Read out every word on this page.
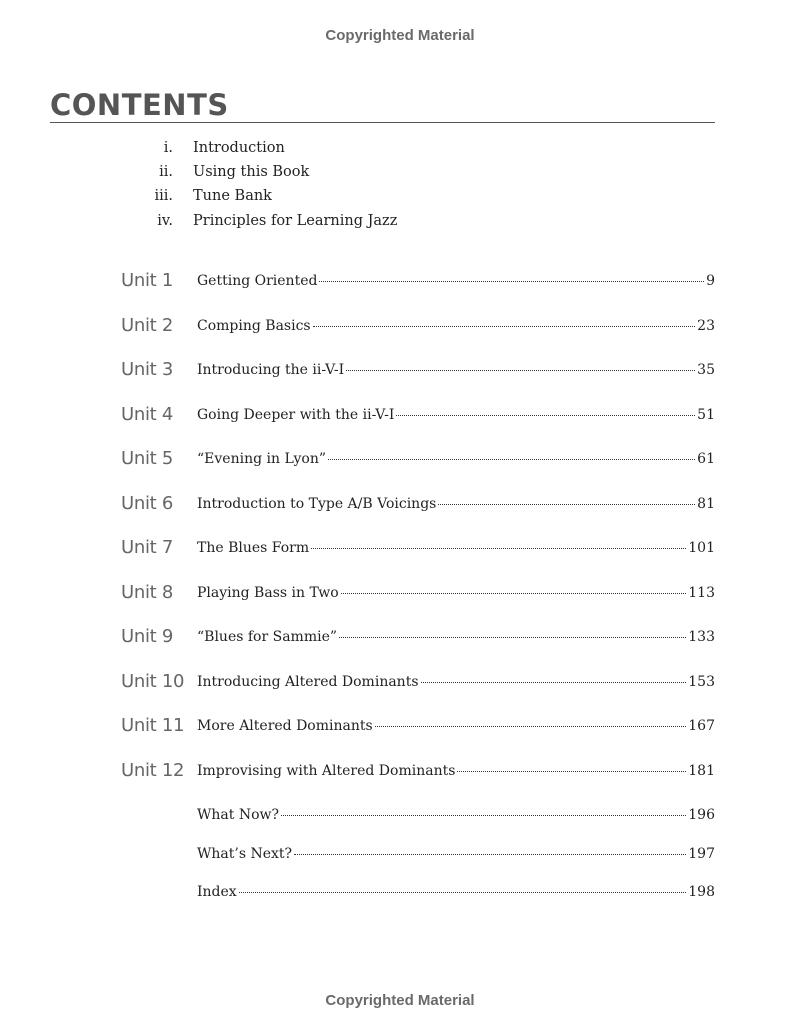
Copyrighted Material
CONTENTS
i. Introduction
ii. Using this Book
iii. Tune Bank
iv. Principles for Learning Jazz
Unit 1 Getting Oriented	9
Unit 2 Comping Basics	23
Unit 3 Introducing the ii-V-I	35
Unit 4 Going Deeper with the ii-V-I	51
Unit 5 “Evening in Lyon”	61
Unit 6 Introduction to Type A/B Voicings	81
Unit 7 The Blues Form	101
Unit 8 Playing Bass in Two	113
Unit 9 “Blues for Sammie”	133
Unit 10 Introducing Altered Dominants	153
Unit 11 More Altered Dominants	167
Unit 12 Improvising with Altered Dominants	181
What Now?	196
What’s Next?	197
Index	198
Copyrighted Material
